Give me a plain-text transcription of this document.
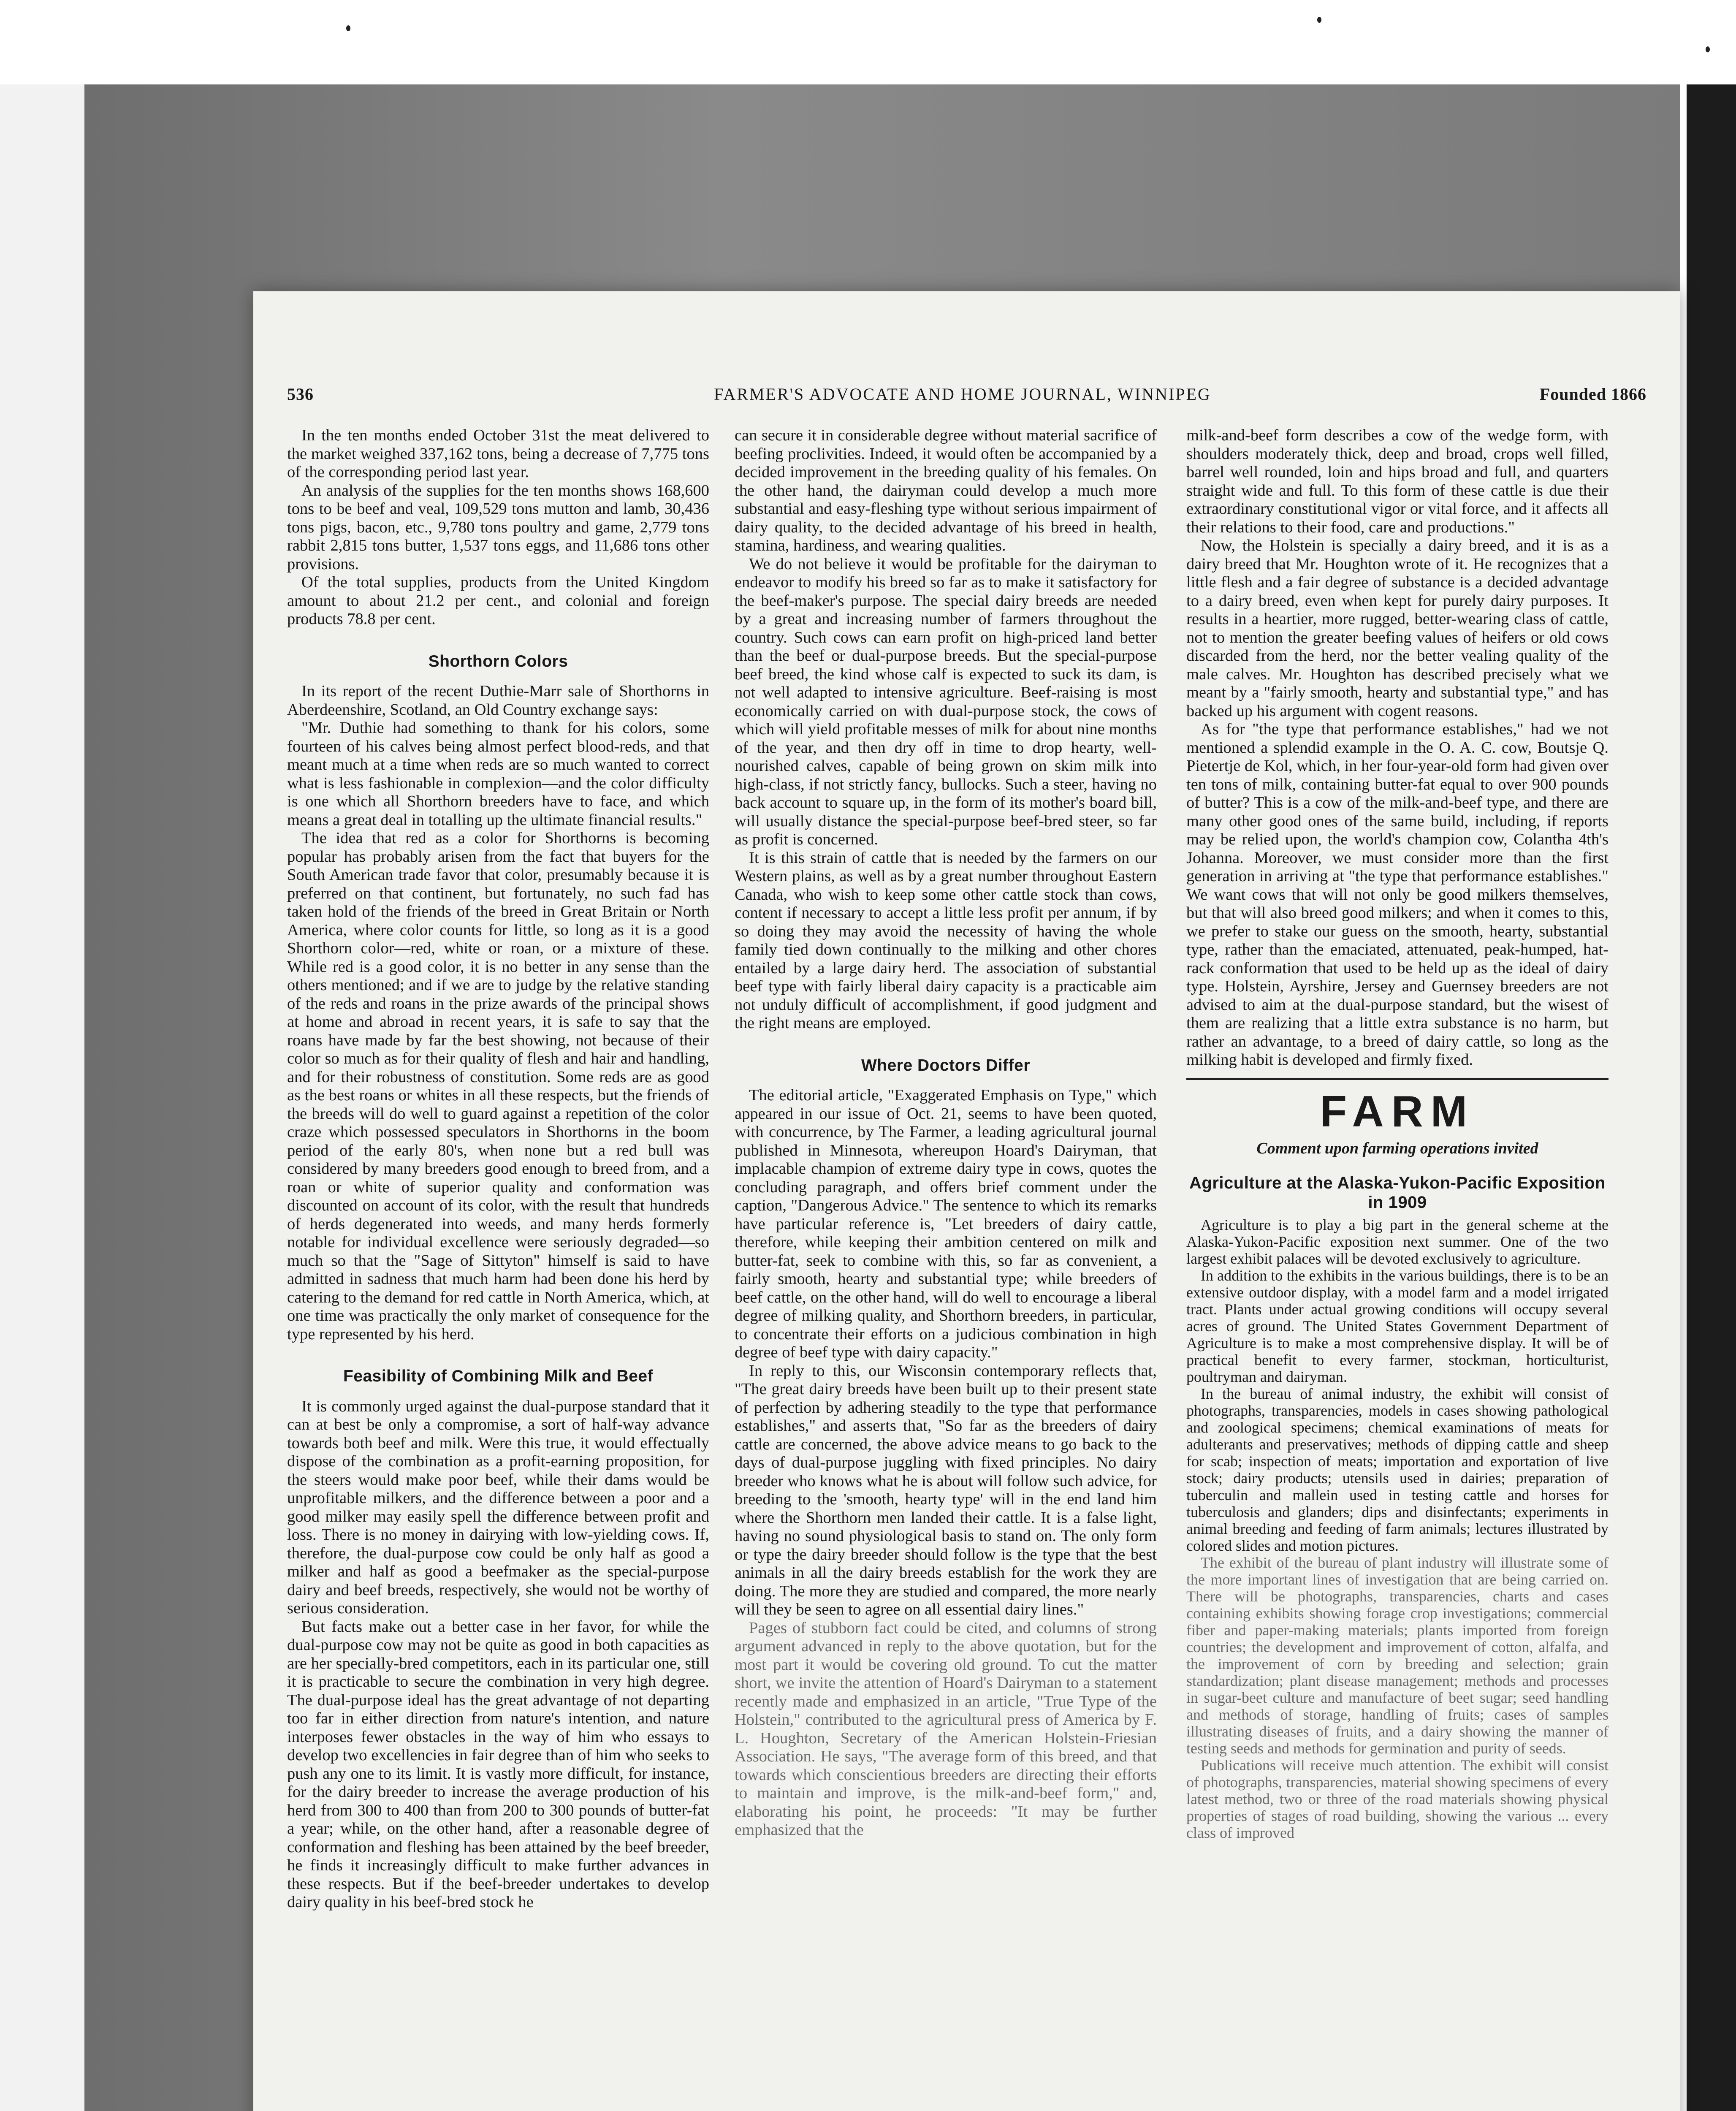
536	FARMER'S ADVOCATE AND HOME JOURNAL, WINNIPEG	Founded 1866

In the ten months ended October 31st the meat delivered to the market weighed 337,162 tons, being a decrease of 7,775 tons of the corresponding period last year.

An analysis of the supplies for the ten months shows 168,600 tons to be beef and veal, 109,529 tons mutton and lamb, 30,436 tons pigs, bacon, etc., 9,780 tons poultry and game, 2,779 tons rabbit 2,815 tons butter, 1,537 tons eggs, and 11,686 tons other provisions.

Of the total supplies, products from the United Kingdom amount to about 21.2 per cent., and colonial and foreign products 78.8 per cent.

Shorthorn Colors

In its report of the recent Duthie-Marr sale of Shorthorns in Aberdeenshire, Scotland, an Old Country exchange says:

"Mr. Duthie had something to thank for his colors, some fourteen of his calves being almost perfect blood-reds, and that meant much at a time when reds are so much wanted to correct what is less fashionable in complexion—and the color difficulty is one which all Shorthorn breeders have to face, and which means a great deal in totalling up the ultimate financial results."

The idea that red as a color for Shorthorns is becoming popular has probably arisen from the fact that buyers for the South American trade favor that color, presumably because it is preferred on that continent, but fortunately, no such fad has taken hold of the friends of the breed in Great Britain or North America, where color counts for little, so long as it is a good Shorthorn color—red, white or roan, or a mixture of these. While red is a good color, it is no better in any sense than the others mentioned; and if we are to judge by the relative standing of the reds and roans in the prize awards of the principal shows at home and abroad in recent years, it is safe to say that the roans have made by far the best showing, not because of their color so much as for their quality of flesh and hair and handling, and for their robustness of constitution. Some reds are as good as the best roans or whites in all these respects, but the friends of the breeds will do well to guard against a repetition of the color craze which possessed speculators in Shorthorns in the boom period of the early 80's, when none but a red bull was considered by many breeders good enough to breed from, and a roan or white of superior quality and conformation was discounted on account of its color, with the result that hundreds of herds degenerated into weeds, and many herds formerly notable for individual excellence were seriously degraded—so much so that the "Sage of Sittyton" himself is said to have admitted in sadness that much harm had been done his herd by catering to the demand for red cattle in North America, which, at one time was practically the only market of consequence for the type represented by his herd.

Feasibility of Combining Milk and Beef

It is commonly urged against the dual-purpose standard that it can at best be only a compromise, a sort of half-way advance towards both beef and milk. Were this true, it would effectually dispose of the combination as a profit-earning proposition, for the steers would make poor beef, while their dams would be unprofitable milkers, and the difference between a poor and a good milker may easily spell the difference between profit and loss. There is no money in dairying with low-yielding cows. If, therefore, the dual-purpose cow could be only half as good a milker and half as good a beefmaker as the special-purpose dairy and beef breeds, respectively, she would not be worthy of serious consideration.

But facts make out a better case in her favor, for while the dual-purpose cow may not be quite as good in both capacities as are her specially-bred competitors, each in its particular one, still it is practicable to secure the combination in very high degree. The dual-purpose ideal has the great advantage of not departing too far in either direction from nature's intention, and nature interposes fewer obstacles in the way of him who essays to develop two excellencies in fair degree than of him who seeks to push any one to its limit. It is vastly more difficult, for instance, for the dairy breeder to increase the average production of his herd from 300 to 400 than from 200 to 300 pounds of butter-fat a year; while, on the other hand, after a reasonable degree of conformation and fleshing has been attained by the beef breeder, he finds it increasingly difficult to make further advances in these respects. But if the beef-breeder undertakes to develop dairy quality in his beef-bred stock he

can secure it in considerable degree without material sacrifice of beefing proclivities. Indeed, it would often be accompanied by a decided improvement in the breeding quality of his females. On the other hand, the dairyman could develop a much more substantial and easy-fleshing type without serious impairment of dairy quality, to the decided advantage of his breed in health, stamina, hardiness, and wearing qualities.

We do not believe it would be profitable for the dairyman to endeavor to modify his breed so far as to make it satisfactory for the beef-maker's purpose. The special dairy breeds are needed by a great and increasing number of farmers throughout the country. Such cows can earn profit on high-priced land better than the beef or dual-purpose breeds. But the special-purpose beef breed, the kind whose calf is expected to suck its dam, is not well adapted to intensive agriculture. Beef-raising is most economically carried on with dual-purpose stock, the cows of which will yield profitable messes of milk for about nine months of the year, and then dry off in time to drop hearty, well-nourished calves, capable of being grown on skim milk into high-class, if not strictly fancy, bullocks. Such a steer, having no back account to square up, in the form of its mother's board bill, will usually distance the special-purpose beef-bred steer, so far as profit is concerned.

It is this strain of cattle that is needed by the farmers on our Western plains, as well as by a great number throughout Eastern Canada, who wish to keep some other cattle stock than cows, content if necessary to accept a little less profit per annum, if by so doing they may avoid the necessity of having the whole family tied down continually to the milking and other chores entailed by a large dairy herd. The association of substantial beef type with fairly liberal dairy capacity is a practicable aim not unduly difficult of accomplishment, if good judgment and the right means are employed.

Where Doctors Differ

The editorial article, "Exaggerated Emphasis on Type," which appeared in our issue of Oct. 21, seems to have been quoted, with concurrence, by The Farmer, a leading agricultural journal published in Minnesota, whereupon Hoard's Dairyman, that implacable champion of extreme dairy type in cows, quotes the concluding paragraph, and offers brief comment under the caption, "Dangerous Advice." The sentence to which its remarks have particular reference is, "Let breeders of dairy cattle, therefore, while keeping their ambition centered on milk and butter-fat, seek to combine with this, so far as convenient, a fairly smooth, hearty and substantial type; while breeders of beef cattle, on the other hand, will do well to encourage a liberal degree of milking quality, and Shorthorn breeders, in particular, to concentrate their efforts on a judicious combination in high degree of beef type with dairy capacity."

In reply to this, our Wisconsin contemporary reflects that, "The great dairy breeds have been built up to their present state of perfection by adhering steadily to the type that performance establishes," and asserts that, "So far as the breeders of dairy cattle are concerned, the above advice means to go back to the days of dual-purpose juggling with fixed principles. No dairy breeder who knows what he is about will follow such advice, for breeding to the 'smooth, hearty type' will in the end land him where the Shorthorn men landed their cattle. It is a false light, having no sound physiological basis to stand on. The only form or type the dairy breeder should follow is the type that the best animals in all the dairy breeds establish for the work they are doing. The more they are studied and compared, the more nearly will they be seen to agree on all essential dairy lines."

Pages of stubborn fact could be cited, and columns of strong argument advanced in reply to the above quotation, but for the most part it would be covering old ground. To cut the matter short, we invite the attention of Hoard's Dairyman to a statement recently made and emphasized in an article, "True Type of the Holstein," contributed to the agricultural press of America by F. L. Houghton, Secretary of the American Holstein-Friesian Association. He says, "The average form of this breed, and that towards which conscientious breeders are directing their efforts to maintain and improve, is the milk-and-beef form," and, elaborating his point, he proceeds: "It may be further emphasized that the

milk-and-beef form describes a cow of the wedge form, with shoulders moderately thick, deep and broad, crops well filled, barrel well rounded, loin and hips broad and full, and quarters straight wide and full. To this form of these cattle is due their extraordinary constitutional vigor or vital force, and it affects all their relations to their food, care and productions."

Now, the Holstein is specially a dairy breed, and it is as a dairy breed that Mr. Houghton wrote of it. He recognizes that a little flesh and a fair degree of substance is a decided advantage to a dairy breed, even when kept for purely dairy purposes. It results in a heartier, more rugged, better-wearing class of cattle, not to mention the greater beefing values of heifers or old cows discarded from the herd, nor the better vealing quality of the male calves. Mr. Houghton has described precisely what we meant by a "fairly smooth, hearty and substantial type," and has backed up his argument with cogent reasons.

As for "the type that performance establishes," had we not mentioned a splendid example in the O. A. C. cow, Boutsje Q. Pietertje de Kol, which, in her four-year-old form had given over ten tons of milk, containing butter-fat equal to over 900 pounds of butter? This is a cow of the milk-and-beef type, and there are many other good ones of the same build, including, if reports may be relied upon, the world's champion cow, Colantha 4th's Johanna. Moreover, we must consider more than the first generation in arriving at "the type that performance establishes." We want cows that will not only be good milkers themselves, but that will also breed good milkers; and when it comes to this, we prefer to stake our guess on the smooth, hearty, substantial type, rather than the emaciated, attenuated, peak-humped, hat-rack conformation that used to be held up as the ideal of dairy type. Holstein, Ayrshire, Jersey and Guernsey breeders are not advised to aim at the dual-purpose standard, but the wisest of them are realizing that a little extra substance is no harm, but rather an advantage, to a breed of dairy cattle, so long as the milking habit is developed and firmly fixed.

FARM
Comment upon farming operations invited
Agriculture at the Alaska-Yukon-Pacific Exposition in 1909

Agriculture is to play a big part in the general scheme at the Alaska-Yukon-Pacific exposition next summer. One of the two largest exhibit palaces will be devoted exclusively to agriculture.

In addition to the exhibits in the various buildings, there is to be an extensive outdoor display, with a model farm and a model irrigated tract. Plants under actual growing conditions will occupy several acres of ground. The United States Government Department of Agriculture is to make a most comprehensive display. It will be of practical benefit to every farmer, stockman, horticulturist, poultryman and dairyman.

In the bureau of animal industry, the exhibit will consist of photographs, transparencies, models in cases showing pathological and zoological specimens; chemical examinations of meats for adulterants and preservatives; methods of dipping cattle and sheep for scab; inspection of meats; importation and exportation of live stock; dairy products; utensils used in dairies; preparation of tuberculin and mallein used in testing cattle and horses for tuberculosis and glanders; dips and disinfectants; experiments in animal breeding and feeding of farm animals; lectures illustrated by colored slides and motion pictures.

The exhibit of the bureau of plant industry will illustrate some of the more important lines of investigation that are being carried on. There will be photographs, transparencies, charts and cases containing exhibits showing forage crop investigations; commercial fiber and paper-making materials; plants imported from foreign countries; the development and improvement of cotton, alfalfa, and the improvement of corn by breeding and selection; grain standardization; plant disease management; methods and processes in sugar-beet culture and manufacture of beet sugar; seed handling and methods of storage, handling of fruits; cases of samples illustrating diseases of fruits, and a dairy showing the manner of testing seeds and methods for germination and purity of seeds.

Publications will receive much attention. The exhibit will consist of photographs, transparencies, material showing specimens of every latest method, two or three of the road materials showing physical properties of stages of road building, showing the various ... every class of improved
